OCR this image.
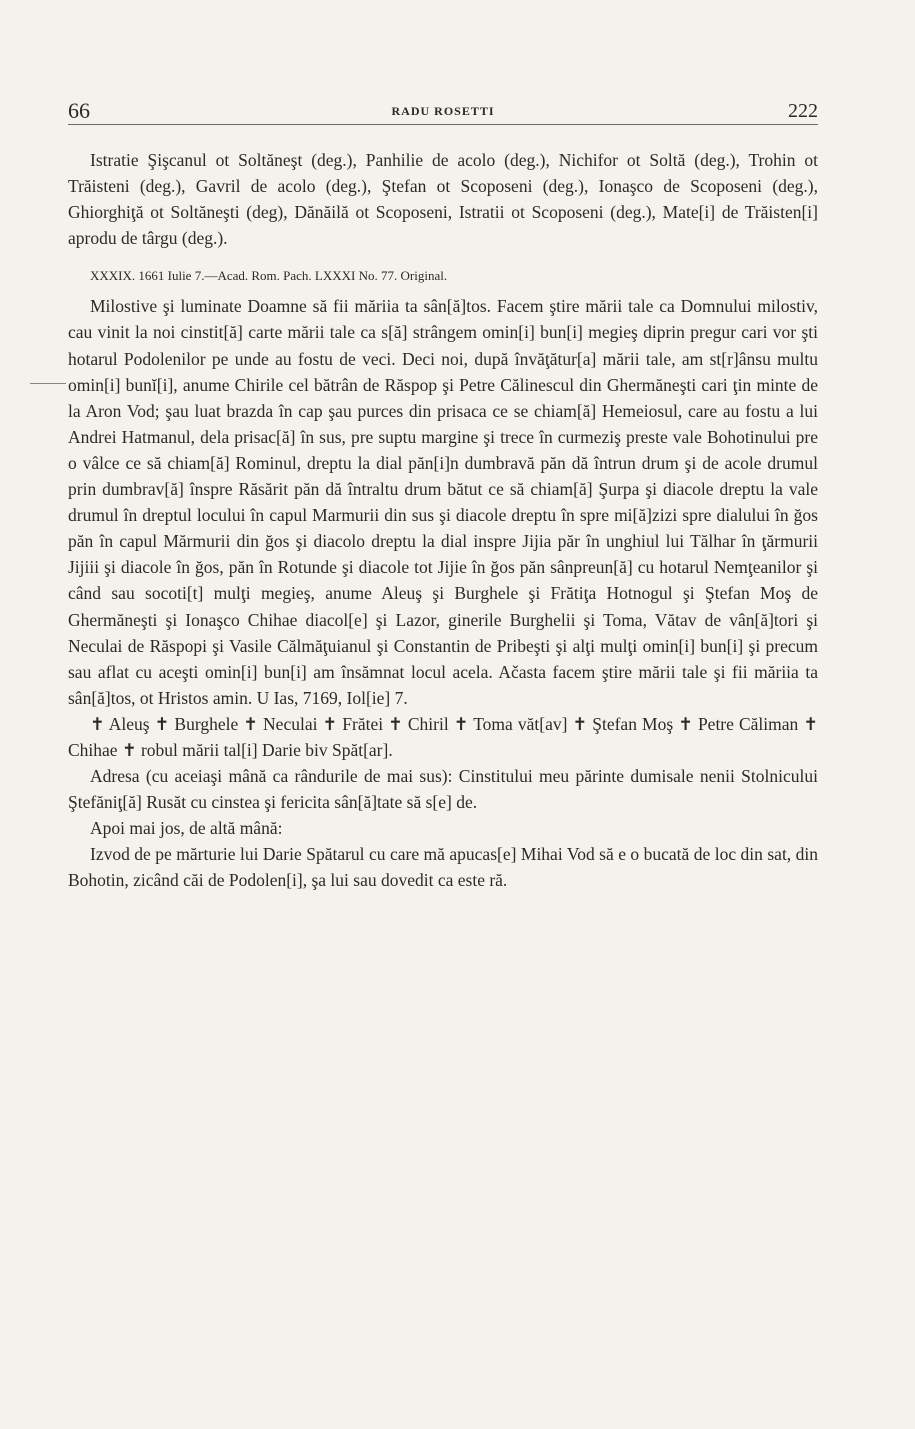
66	RADU ROSETTI	222

Istratie Şişcanul ot Soltăneşt (deg.), Panhilie de acolo (deg.), Nichifor ot Soltă (deg.), Trohin ot Trăisteni (deg.), Gavril de acolo (deg.), Ştefan ot Scoposeni (deg.), Ionaşco de Scoposeni (deg.), Ghiorghiţă ot Soltăneşti (deg), Dănăilă ot Scoposeni, Istratii ot Scoposeni (deg.), Mate[i] de Trăisten[i] aprodu de târgu (deg.).

XXXIX. 1661 Iulie 7.—Acad. Rom. Pach. LXXXI No. 77. Original.

Milostive şi luminate Doamne să fii măriia ta sân[ă]tos. Facem ştire mării tale ca Domnului milostiv, cau vinit la noi cinstit[ă] carte mării tale ca s[ă] strângem omin[i] bun[i] megieş diprin pregur cari vor şti hotarul Podolenilor pe unde au fostu de veci. Deci noi, după învăţătur[a] mării tale, am st[r]ânsu multu omin[i] bunĭ[i], anume Chirile cel bătrân de Răspop şi Petre Călinescul din Ghermăneşti cari ţin minte de la Aron Vod; şau luat brazda în cap şau purces din prisaca ce se chiam[ă] Hemeiosul, care au fostu a lui Andrei Hatmanul, dela prisac[ă] în sus, pre suptu margine şi trece în curmeziş preste vale Bohotinului pre o vâlce ce să chiam[ă] Rominul, dreptu la dial păn[i]n dumbravă păn dă întrun drum şi de acole drumul prin dumbrav[ă] înspre Răsărit păn dă întraltu drum bătut ce să chiam[ă] Şurpa şi diacole dreptu la vale drumul în dreptul locului în capul Marmurii din sus şi diacole dreptu în spre mi[ă]zizi spre dialului în ğos păn în capul Mărmurii din ğos şi diacolo dreptu la dial inspre Jijia păr în unghiul lui Tălhar în ţărmurii Jijiii şi diacole în ğos, păn în Rotunde şi diacole tot Jijie în ğos păn sânpreun[ă] cu hotarul Nemţeanilor şi când sau socoti[t] mulţi megieş, anume Aleuş şi Burghele şi Frătiţa Hotnogul şi Ştefan Moş de Ghermăneşti şi Ionaşco Chihae diacol[e] şi Lazor, ginerile Burghelii şi Toma, Vătav de vân[ă]tori şi Neculai de Răspopi şi Vasile Călmăţuianul şi Constantin de Pribeşti şi alţi mulţi omin[i] bun[i] şi precum sau aflat cu aceşti omin[i] bun[i] am însămnat locul acela. Ačasta facem ştire mării tale şi fii măriia ta sân[ă]tos, ot Hristos amin. U Ias, 7169, Iol[ie] 7.

✝ Aleuş ✝ Burghele ✝ Neculai ✝ Frătei ✝ Chiril ✝ Toma văt[av] ✝ Ştefan Moş ✝ Petre Căliman ✝ Chihae ✝ robul mării tal[i] Darie biv Spăt[ar].

Adresa (cu aceiaşi mână ca rândurile de mai sus): Cinstitului meu părinte dumisale nenii Stolnicului Ştefăniţ[ă] Rusăt cu cinstea şi fericita sân[ă]tate să s[e] de.

Apoi mai jos, de altă mână:

Izvod de pe mărturie lui Darie Spătarul cu care mă apucas[e] Mihai Vod să e o bucată de loc din sat, din Bohotin, zicând căi de Podolen[i], şa lui sau dovedit ca este ră.
